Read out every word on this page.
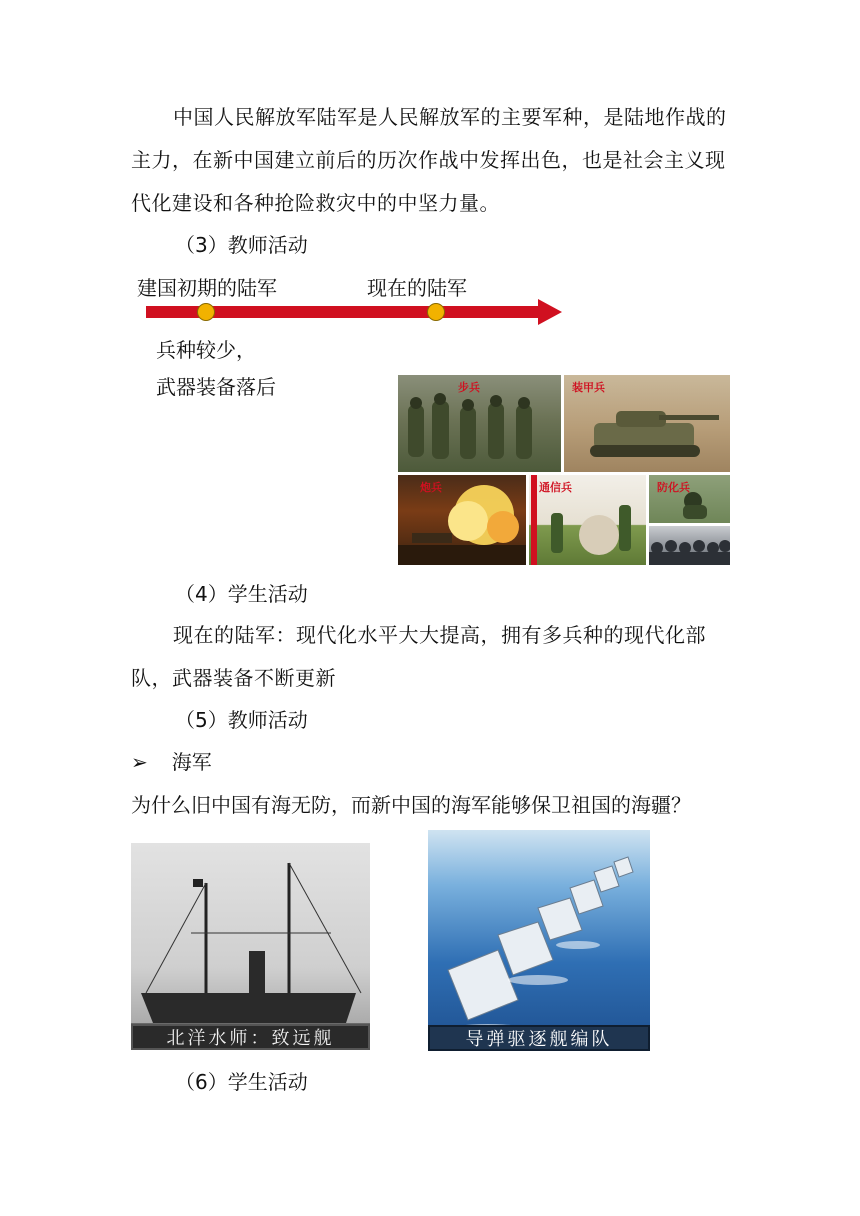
中国人民解放军陆军是人民解放军的主要军种，是陆地作战的主力，在新中国建立前后的历次作战中发挥出色，也是社会主义现代化建设和各种抢险救灾中的中坚力量。
（3）教师活动
建国初期的陆军	现在的陆军
兵种较少，
武器装备落后	步兵	装甲兵
炮兵	通信兵	防化兵
（4）学生活动
现在的陆军：现代化水平大大提高，拥有多兵种的现代化部队，武器装备不断更新
（5）教师活动
➢ 海军
为什么旧中国有海无防，而新中国的海军能够保卫祖国的海疆？
北洋水师：致远舰	导弹驱逐舰编队
（6）学生活动
